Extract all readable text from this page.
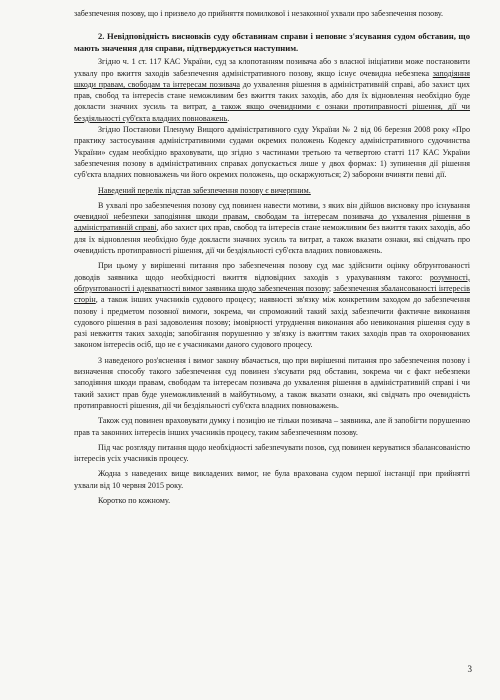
забезпечення позову, що і призвело до прийняття помилкової і незаконної ухвали про забезпечення позову.

2. Невідповідність висновків суду обставинам справи і неповнє з'ясування судом обставин, що мають значення для справи, підтверджується наступним.

Згідно ч. 1 ст. 117 КАС України, суд за клопотанням позивача або з власної ініціативи може постановити ухвалу про вжиття заходів забезпечення адміністративного позову, якщо існує очевидна небезпека заподіяння шкоди правам, свободам та інтересам позивача до ухвалення рішення в адміністративній справі, або захист цих прав, свобод та інтересів стане неможливим без вжиття таких заходів, або для їх відновлення необхідно буде докласти значних зусиль та витрат, а також якщо очевидними є ознаки протиправності рішення, дії чи бездіяльності суб'єкта владних повноважень.

Згідно Постанови Пленуму Вищого адміністративного суду України № 2 від 06 березня 2008 року «Про практику застосування адміністративними судами окремих положень Кодексу адміністративного судочинства України» судам необхідно враховувати, що згідно з частинами третьою та четвертою статті 117 КАС України забезпечення позову в адміністративних справах допускається лише у двох формах: 1) зупинення дії рішення суб'єкта владних повноважень чи його окремих положень, що оскаржуються; 2) заборони вчиняти певні дії.

Наведений перелік підстав забезпечення позову є вичерпним.

В ухвалі про забезпечення позову суд повинен навести мотиви, з яких він дійшов висновку про існування очевидної небезпеки заподіяння шкоди правам, свободам та інтересам позивача до ухвалення рішення в адміністративній справі, або захист цих прав, свобод та інтересів стане неможливим без вжиття таких заходів, або для їх відновлення необхідно буде докласти значних зусиль та витрат, а також вказати ознаки, які свідчать про очевидність протиправності рішення, дії чи бездіяльності суб'єкта владних повноважень.

При цьому у вирішенні питання про забезпечення позову суд має здійснити оцінку обґрунтованості доводів заявника щодо необхідності вжиття відповідних заходів з урахуванням такого: розумності, обґрунтованості і адекватності вимог заявника щодо забезпечення позову; забезпечення збалансованості інтересів сторін, а також інших учасників судового процесу; наявності зв'язку між конкретним заходом до забезпечення позову і предметом позовної вимоги, зокрема, чи спроможний такий захід забезпечити фактичне виконання судового рішення в разі задоволення позову; імовірності утруднення виконання або невиконання рішення суду в разі невжиття таких заходів; запобігання порушенню у зв'язку із вжиттям таких заходів прав та охоронюваних законом інтересів осіб, що не є учасниками даного судового процесу.

З наведеного роз'яснення і вимог закону вбачається, що при вирішенні питання про забезпечення позову і визначення способу такого забезпечення суд повинен з'ясувати ряд обставин, зокрема чи є факт небезпеки заподіяння шкоди правам, свободам та інтересам позивача до ухвалення рішення в адміністративній справі і чи такий захист прав буде унеможливлений в майбутньому, а також вказати ознаки, які свідчать про очевидність протиправності рішення, дії чи бездіяльності суб'єкта владних повноважень.

Також суд повинен враховувати думку і позицію не тільки позивача – заявника, але й запобігти порушенню прав та законних інтересів інших учасників процесу, таким забезпеченням позову.

Під час розгляду питання щодо необхідності забезпечувати позов, суд повинен керуватися збалансованістю інтересів усіх учасників процесу.

Жодна з наведених вище викладених вимог, не була врахована судом першої інстанції при прийнятті ухвали від 10 червня 2015 року.

Коротко по кожному.

3
